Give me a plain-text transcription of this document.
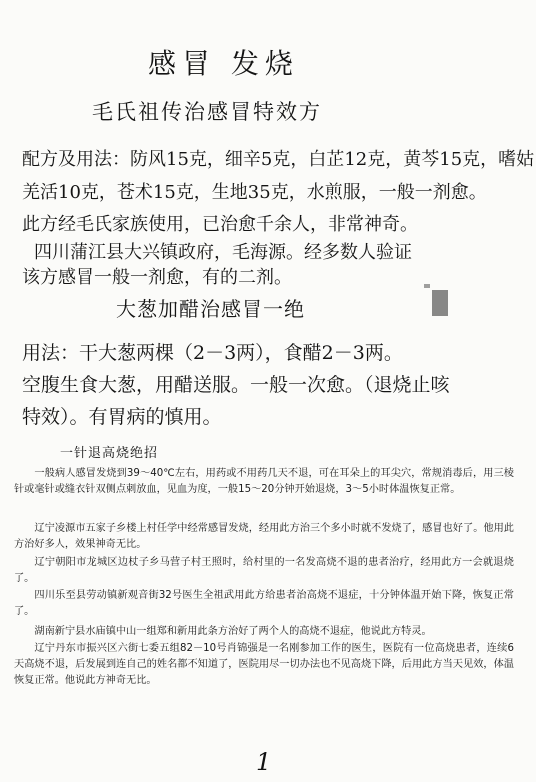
感冒 发烧
毛氏祖传治感冒特效方
配方及用法：防风15克，细辛5克，白芷12克，黄芩15克，嗜姑
羌活10克，苍术15克，生地35克，水煎服，一般一剂愈。
此方经毛氏家族使用，已治愈千余人，非常神奇。
四川蒲江县大兴镇政府，毛海源。经多数人验证
该方感冒一般一剂愈，有的二剂。
大葱加醋治感冒一绝
用法：干大葱两棵（2－3两），食醋2－3两。
空腹生食大葱，用醋送服。一般一次愈。（退烧止咳
特效）。有胃病的慎用。
一针退高烧绝招
一般病人感冒发烧到39～40℃左右，用药或不用药几天不退，可在耳朵上的耳尖穴，常规消毒后，用三棱针或毫针或缝衣针双侧点刺放血，见血为度，一般15～20分钟开始退烧，3～5小时体温恢复正常。
辽宁凌源市五家子乡楼上村任学中经常感冒发烧，经用此方治三个多小时就不发烧了，感冒也好了。他用此方治好多人，效果神奇无比。
辽宁朝阳市龙城区边杖子乡马营子村王照时，给村里的一名发高烧不退的患者治疗，经用此方一会就退烧了。
四川乐至县劳动镇新观音街32号医生全祖武用此方给患者治高烧不退症，十分钟体温开始下降，恢复正常了。
湖南新宁县水庙镇中山一组郑和新用此条方治好了两个人的高烧不退症，他说此方特灵。
辽宁丹东市振兴区六街七委五组82－10号肖锦强是一名刚参加工作的医生，医院有一位高烧患者，连续6天高烧不退，后发展到连自己的姓名都不知道了，医院用尽一切办法也不见高烧下降，后用此方当天见效，体温恢复正常。他说此方神奇无比。
1
